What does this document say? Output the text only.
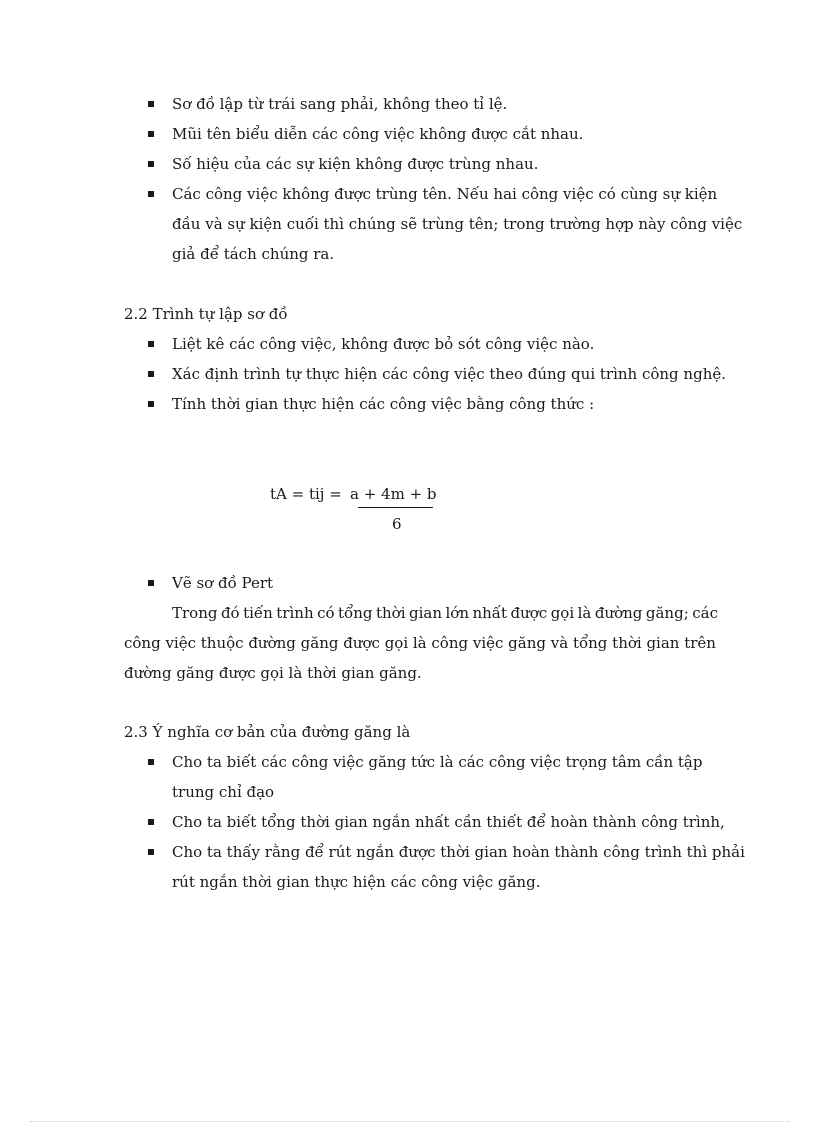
Sơ đồ lập từ trái sang phải, không theo tỉ lệ.
Mũi tên biểu diễn các công việc không được cắt nhau.
Số hiệu của các sự kiện không được trùng nhau.
Các công việc không được trùng tên. Nếu hai công việc có cùng sự kiện
đầu và sự kiện cuối thì chúng sẽ trùng tên; trong trường hợp này công việc
giả để tách chúng ra.
2.2 Trình tự lập sơ đồ
Liệt kê các công việc, không được bỏ sót công việc nào.
Xác định trình tự thực hiện các công việc theo đúng qui trình công nghệ.
Tính thời gian thực hiện các công việc bằng công thức :
tA = tij = a + 4m + b
6
Vẽ sơ đồ Pert
Trong đó tiến trình có tổng thời gian lớn nhất được gọi là đường găng; các
công việc thuộc đường găng được gọi là công việc găng và tổng thời gian trên
đường găng được gọi là thời gian găng.
2.3 Ý nghĩa cơ bản của đường găng là
Cho ta biết các công việc găng tức là các công việc trọng tâm cần tập
trung chỉ đạo
Cho ta biết tổng thời gian ngắn nhất cần thiết để hoàn thành công trình,
Cho ta thấy rằng để rút ngắn được thời gian hoàn thành công trình thì phải
rút ngắn thời gian thực hiện các công việc găng.
